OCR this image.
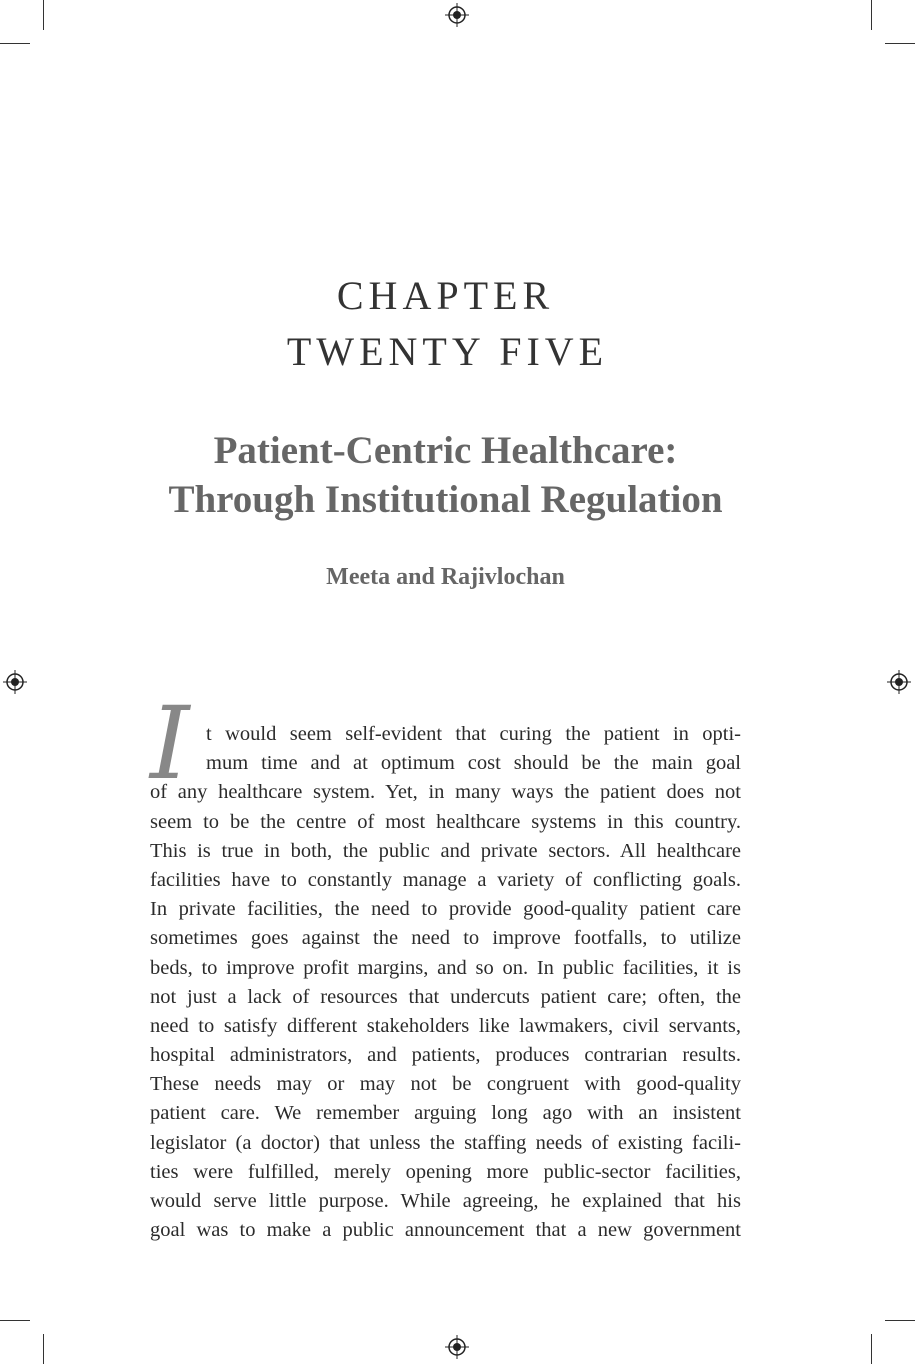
CHAPTER
TWENTY FIVE
Patient-Centric Healthcare:
Through Institutional Regulation
Meeta and Rajivlochan
I t would seem self-evident that curing the patient in opti-
mum time and at optimum cost should be the main goal
of any healthcare system. Yet, in many ways the patient does not
seem to be the centre of most healthcare systems in this country.
This is true in both, the public and private sectors. All healthcare
facilities have to constantly manage a variety of conflicting goals.
In private facilities, the need to provide good-quality patient care
sometimes goes against the need to improve footfalls, to utilize
beds, to improve profit margins, and so on. In public facilities, it is
not just a lack of resources that undercuts patient care; often, the
need to satisfy different stakeholders like lawmakers, civil servants,
hospital administrators, and patients, produces contrarian results.
These needs may or may not be congruent with good-quality
patient care. We remember arguing long ago with an insistent
legislator (a doctor) that unless the staffing needs of existing facili-
ties were fulfilled, merely opening more public-sector facilities,
would serve little purpose. While agreeing, he explained that his
goal was to make a public announcement that a new government
